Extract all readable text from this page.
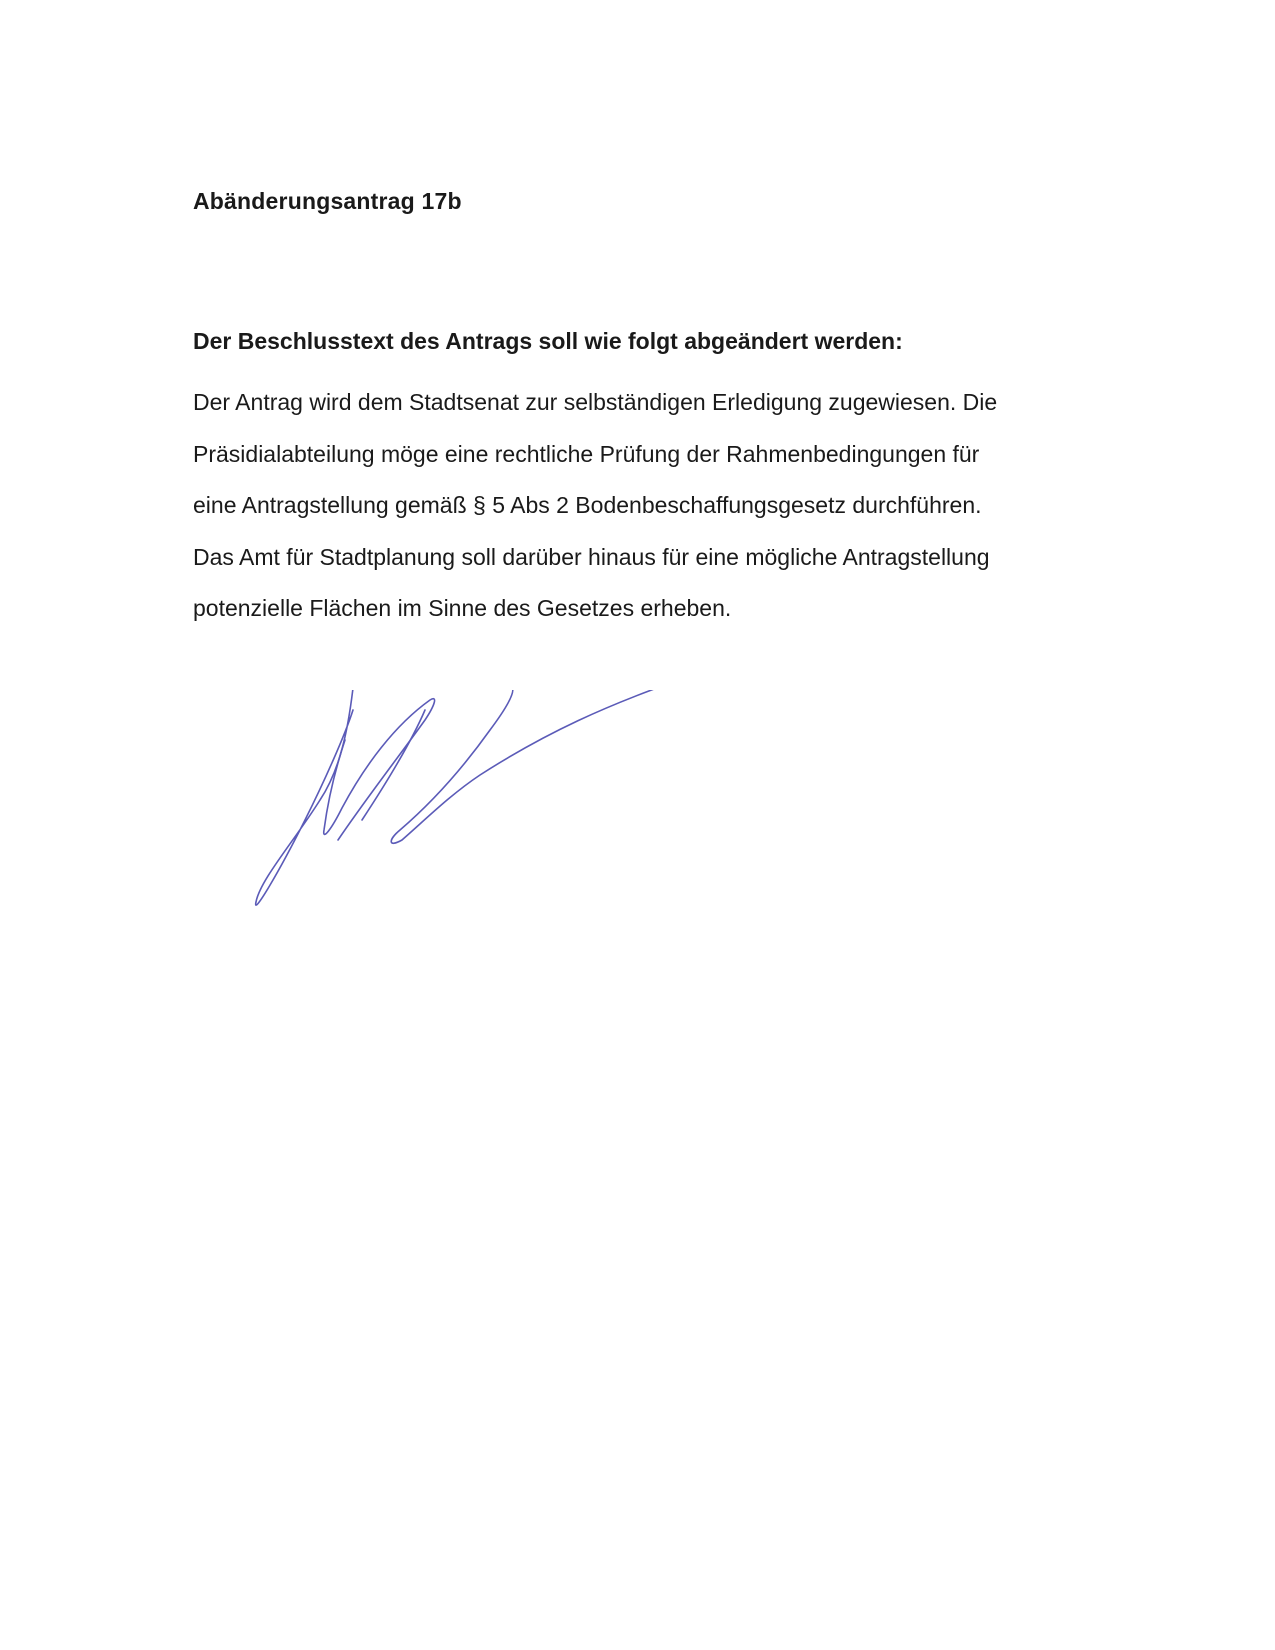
Abänderungsantrag 17b
Der Beschlusstext des Antrags soll wie folgt abgeändert werden:
Der Antrag wird dem Stadtsenat zur selbständigen Erledigung zugewiesen. Die
Präsidialabteilung möge eine rechtliche Prüfung der Rahmenbedingungen für
eine Antragstellung gemäß § 5 Abs 2 Bodenbeschaffungsgesetz durchführen.
Das Amt für Stadtplanung soll darüber hinaus für eine mögliche Antragstellung
potenzielle Flächen im Sinne des Gesetzes erheben.
